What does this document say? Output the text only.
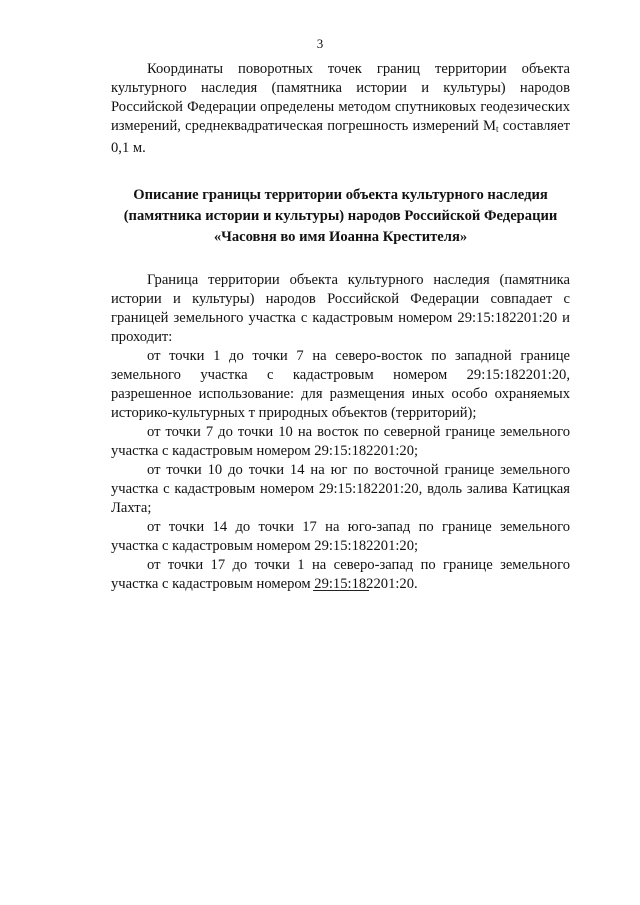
3

Координаты поворотных точек границ территории объекта культурного наследия (памятника истории и культуры) народов Российской Федерации определены методом спутниковых геодезических измерений, среднеквадратическая погрешность измерений $M_t$ составляет 0,1 м.

Описание границы территории объекта культурного наследия
(памятника истории и культуры) народов Российской Федерации
«Часовня во имя Иоанна Крестителя»

Граница территории объекта культурного наследия (памятника истории и культуры) народов Российской Федерации совпадает с границей земельного участка с кадастровым номером 29:15:182201:20 и проходит:

от точки 1 до точки 7 на северо-восток по западной границе земельного участка с кадастровым номером 29:15:182201:20, разрешенное использование: для размещения иных особо охраняемых историко-культурных т природных объектов (территорий);

от точки 7 до точки 10 на восток по северной границе земельного участка с кадастровым номером 29:15:182201:20;

от точки 10 до точки 14 на юг по восточной границе земельного участка с кадастровым номером 29:15:182201:20, вдоль залива Катицкая Лахта;

от точки 14 до точки 17 на юго-запад по границе земельного участка с кадастровым номером 29:15:182201:20;

от точки 17 до точки 1 на северо-запад по границе земельного участка с кадастровым номером 29:15:182201:20.
